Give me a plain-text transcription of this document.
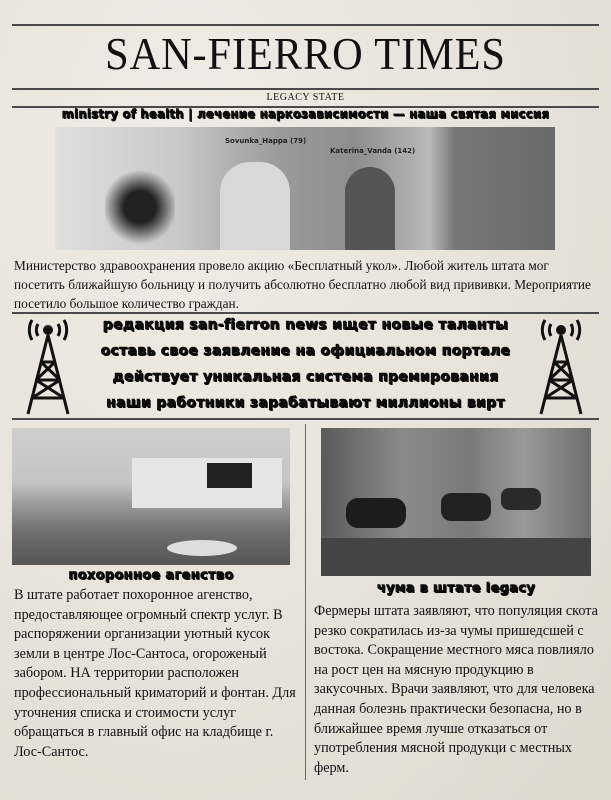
SAN-FIERRO TIMES
LEGACY STATE
ministry of health | лечение наркозависимости — наша святая миссия
Sovunka_Happa (79)
Katerina_Vanda (142)
Министерство здравоохранения провело акцию «Бесплатный укол». Любой житель штата мог посетить ближайшую больницу и получить абсолютно бесплатно любой вид прививки. Мероприятие посетило большое количество граждан.
редакция san-fierron news ищет новые таланты
оставь свое заявление на официальном портале
действует уникальная система премирования
наши работники зарабатывают миллионы вирт
похоронное агенство
В штате работает похоронное агенство, предоставляющее огромный спектр услуг. В распоряжении организации уютный кусок земли в центре Лос-Сантоса, огороженый забором. НА территории расположен профессиональный криматорий и фонтан. Для уточнения списка и стоимости услуг обращаться в главный офис на кладбище г. Лос-Сантос.
чума в штате legacy
Фермеры штата заявляют, что популяция скота резко сократилась из-за чумы пришедсшей с востока. Сокращение местного мяса повлияло на рост цен на мясную продукцию в закусочных. Врачи заявляют, что для человека данная болезнь практически безопасна, но в ближайшее время лучше отказаться от употребления мясной продукци с местных ферм.
